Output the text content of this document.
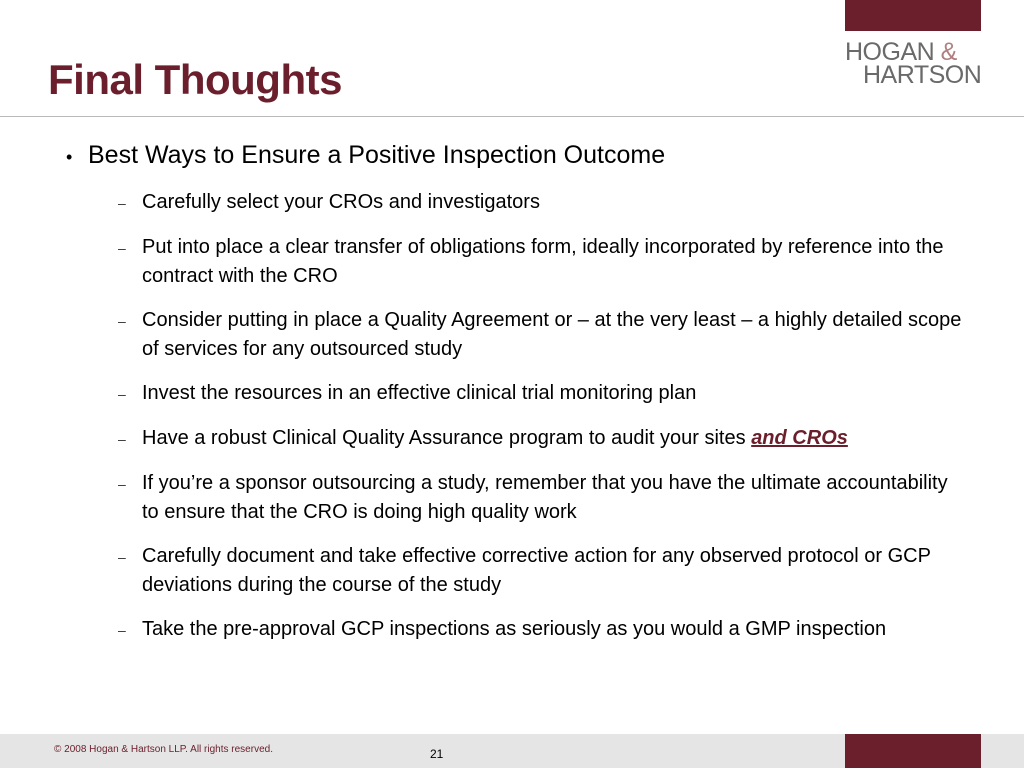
HOGAN &
HARTSON
Final Thoughts
• Best Ways to Ensure a Positive Inspection Outcome
– Carefully select your CROs and investigators
– Put into place a clear transfer of obligations form, ideally incorporated by reference into the contract with the CRO
– Consider putting in place a Quality Agreement or – at the very least – a highly detailed scope of services for any outsourced study
– Invest the resources in an effective clinical trial monitoring plan
– Have a robust Clinical Quality Assurance program to audit your sites and CROs
– If you’re a sponsor outsourcing a study, remember that you have the ultimate accountability to ensure that the CRO is doing high quality work
– Carefully document and take effective corrective action for any observed protocol or GCP deviations during the course of the study
– Take the pre-approval GCP inspections as seriously as you would a GMP inspection
© 2008 Hogan & Hartson LLP. All rights reserved.	21
